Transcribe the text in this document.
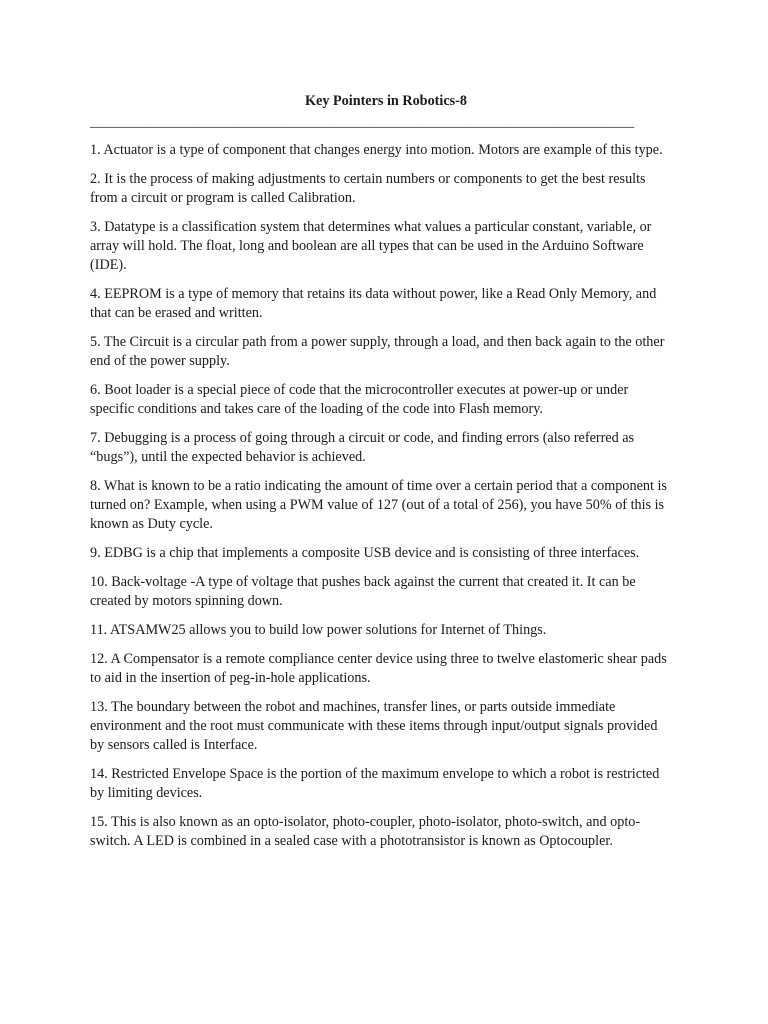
Key Pointers in Robotics-8
________________________________________________________________________________
1. Actuator is a type of component that changes energy into motion. Motors are example of this type.
2. It is the process of making adjustments to certain numbers or components to get the best results from a circuit or program is called Calibration.
3. Datatype is a classification system that determines what values a particular constant, variable, or array will hold. The float, long and boolean are all types that can be used in the Arduino Software (IDE).
4. EEPROM is a type of memory that retains its data without power, like a Read Only Memory, and that can be erased and written.
5. The Circuit is a circular path from a power supply, through a load, and then back again to the other end of the power supply.
6. Boot loader is a special piece of code that the microcontroller executes at power-up or under specific conditions and takes care of the loading of the code into Flash memory.
7. Debugging is a process of going through a circuit or code, and finding errors (also referred as “bugs”), until the expected behavior is achieved.
8. What is known to be a ratio indicating the amount of time over a certain period that a component is turned on? Example, when using a PWM value of 127 (out of a total of 256), you have 50% of this is known as Duty cycle.
9. EDBG is a chip that implements a composite USB device and is consisting of three interfaces.
10. Back-voltage -A type of voltage that pushes back against the current that created it. It can be created by motors spinning down.
11. ATSAMW25 allows you to build low power solutions for Internet of Things.
12. A Compensator is a remote compliance center device using three to twelve elastomeric shear pads to aid in the insertion of peg-in-hole applications.
13. The boundary between the robot and machines, transfer lines, or parts outside immediate environment and the root must communicate with these items through input/output signals provided by sensors called is Interface.
14. Restricted Envelope Space is the portion of the maximum envelope to which a robot is restricted by limiting devices.
15. This is also known as an opto-isolator, photo-coupler, photo-isolator, photo-switch, and opto-switch. A LED is combined in a sealed case with a phototransistor is known as Optocoupler.
